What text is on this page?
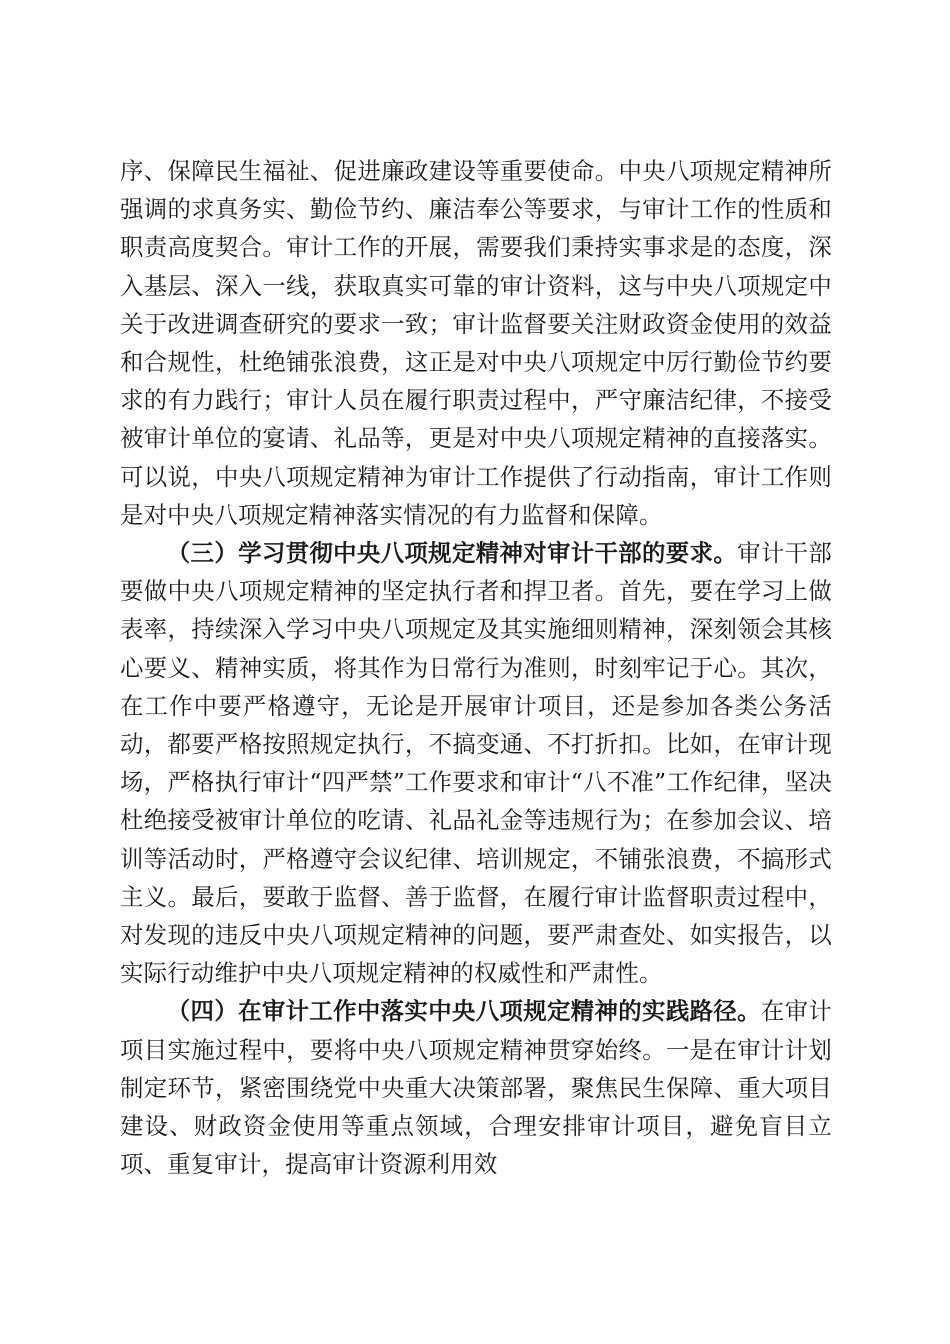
序、保障民生福祉、促进廉政建设等重要使命。中央八项规定精神所强调的求真务实、勤俭节约、廉洁奉公等要求，与审计工作的性质和职责高度契合。审计工作的开展，需要我们秉持实事求是的态度，深入基层、深入一线，获取真实可靠的审计资料，这与中央八项规定中关于改进调查研究的要求一致；审计监督要关注财政资金使用的效益和合规性，杜绝铺张浪费，这正是对中央八项规定中厉行勤俭节约要求的有力践行；审计人员在履行职责过程中，严守廉洁纪律，不接受被审计单位的宴请、礼品等，更是对中央八项规定精神的直接落实。可以说，中央八项规定精神为审计工作提供了行动指南，审计工作则是对中央八项规定精神落实情况的有力监督和保障。

（三）学习贯彻中央八项规定精神对审计干部的要求。审计干部要做中央八项规定精神的坚定执行者和捍卫者。首先，要在学习上做表率，持续深入学习中央八项规定及其实施细则精神，深刻领会其核心要义、精神实质，将其作为日常行为准则，时刻牢记于心。其次，在工作中要严格遵守，无论是开展审计项目，还是参加各类公务活动，都要严格按照规定执行，不搞变通、不打折扣。比如，在审计现场，严格执行审计“四严禁”工作要求和审计“八不准”工作纪律，坚决杜绝接受被审计单位的吃请、礼品礼金等违规行为；在参加会议、培训等活动时，严格遵守会议纪律、培训规定，不铺张浪费，不搞形式主义。最后，要敢于监督、善于监督，在履行审计监督职责过程中，对发现的违反中央八项规定精神的问题，要严肃查处、如实报告，以实际行动维护中央八项规定精神的权威性和严肃性。

（四）在审计工作中落实中央八项规定精神的实践路径。在审计项目实施过程中，要将中央八项规定精神贯穿始终。一是在审计计划制定环节，紧密围绕党中央重大决策部署，聚焦民生保障、重大项目建设、财政资金使用等重点领域，合理安排审计项目，避免盲目立项、重复审计，提高审计资源利用效
